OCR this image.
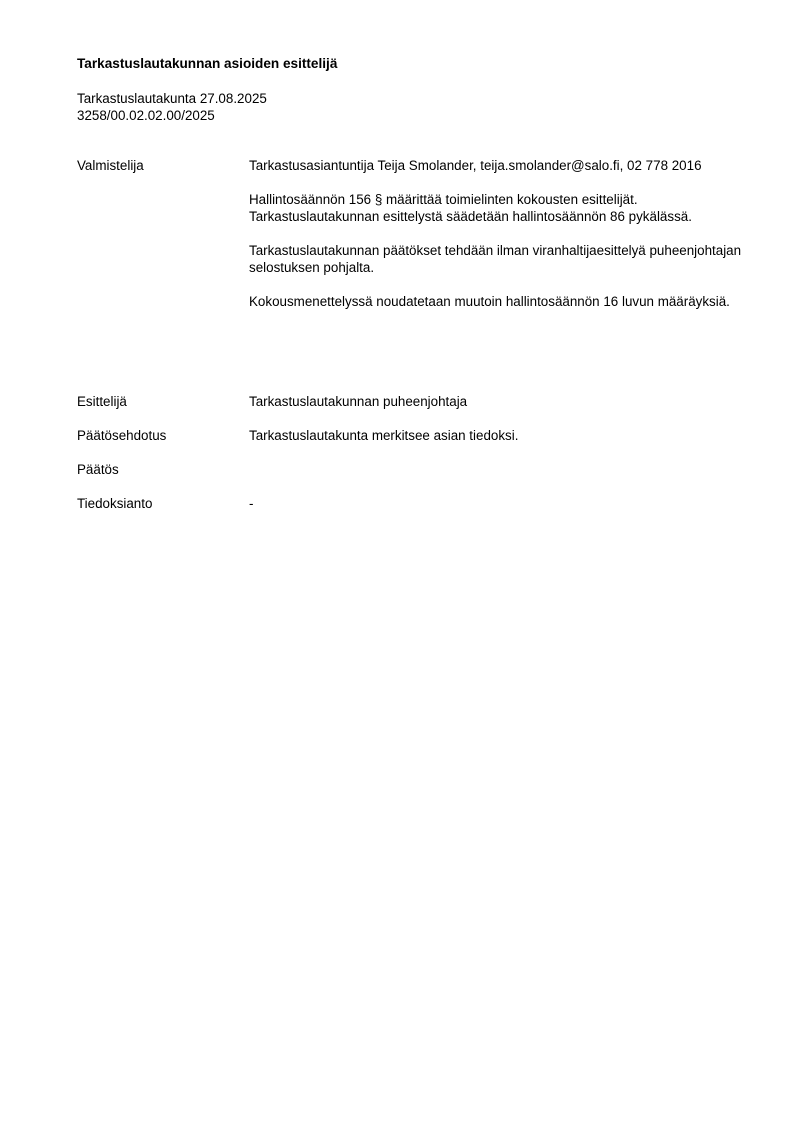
Tarkastuslautakunnan asioiden esittelijä
Tarkastuslautakunta 27.08.2025
3258/00.02.02.00/2025
Valmistelija	Tarkastusasiantuntija Teija Smolander, teija.smolander@salo.fi, 02 778 2016

Hallintosäännön 156 § määrittää toimielinten kokousten esittelijät. Tarkastuslautakunnan esittelystä säädetään hallintosäännön 86 pykälässä.

Tarkastuslautakunnan päätökset tehdään ilman viranhaltijaesittelyä puheenjohtajan selostuksen pohjalta.

Kokousmenettelyssä noudatetaan muutoin hallintosäännön 16 luvun määräyksiä.

Esittelijä	Tarkastuslautakunnan puheenjohtaja
Päätösehdotus	Tarkastuslautakunta merkitsee asian tiedoksi.
Päätös
Tiedoksianto	-
